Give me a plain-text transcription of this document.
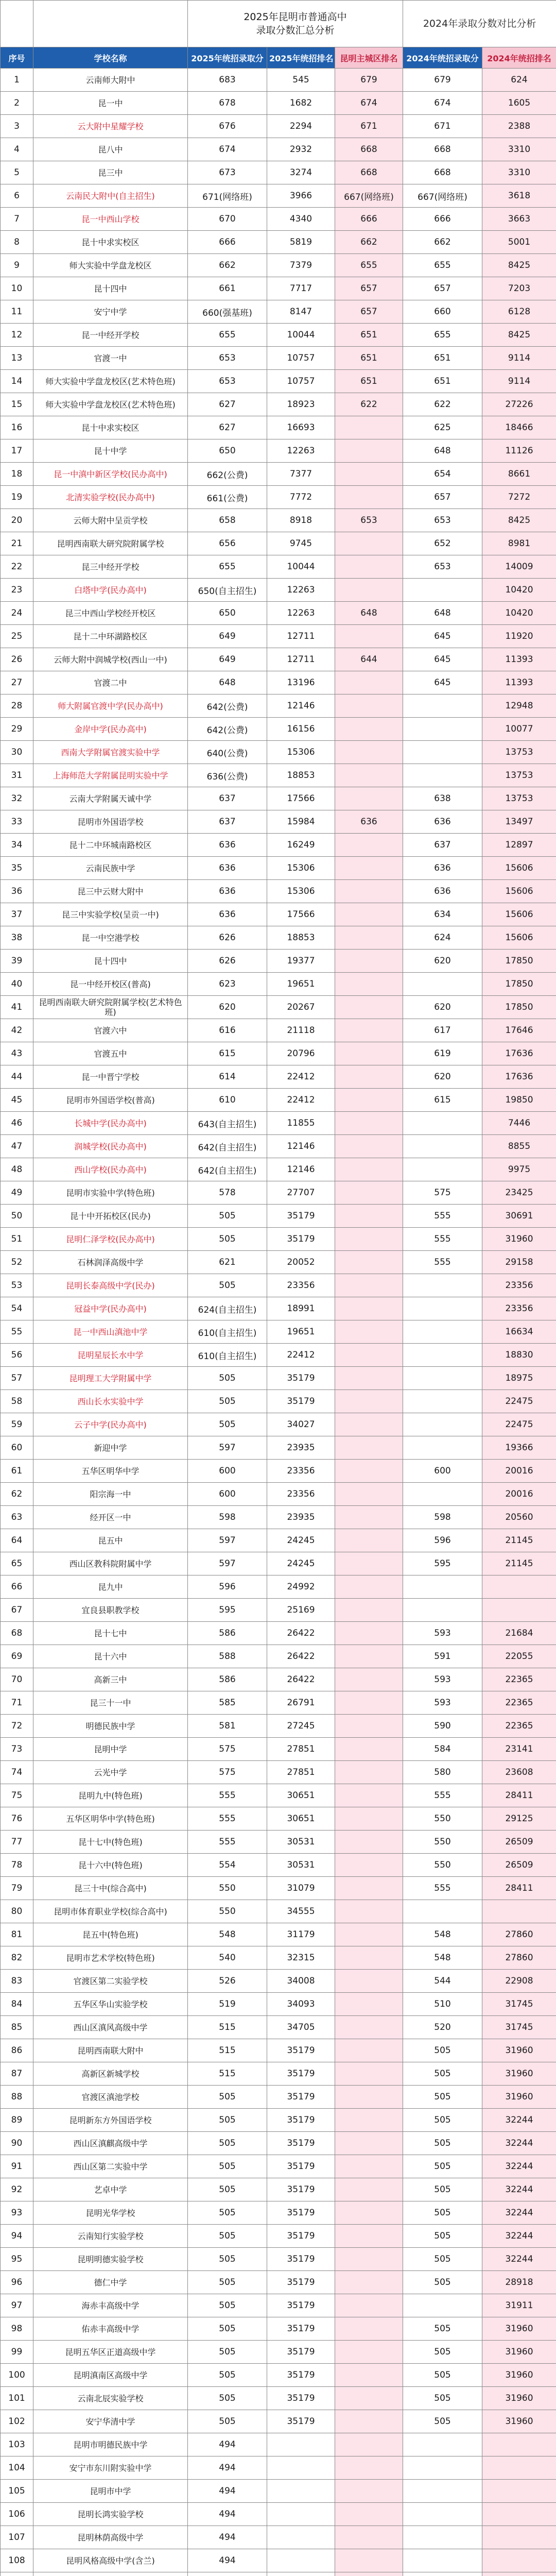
		2025年昆明市普通高中
录取分数汇总分析			2024年录取分数对比分析	
序号	学校名称	2025年统招录取分	2025年统招排名	昆明主城区排名	2024年统招录取分	2024年统招排名
1	云南师大附中	683	545	679	679	624
2	昆一中	678	1682	674	674	1605
3	云大附中星耀学校	676	2294	671	671	2388
4	昆八中	674	2932	668	668	3310
5	昆三中	673	3274	668	668	3310
6	云南民大附中(自主招生)	671(网络班)	3966	667(网络班)	667(网络班)	3618
7	昆一中西山学校	670	4340	666	666	3663
8	昆十中求实校区	666	5819	662	662	5001
9	师大实验中学盘龙校区	662	7379	655	655	8425
10	昆十四中	661	7717	657	657	7203
11	安宁中学	660(强基班)	8147	657	660	6128
12	昆一中经开学校	655	10044	651	655	8425
13	官渡一中	653	10757	651	651	9114
14	师大实验中学盘龙校区(艺术特色班)	653	10757	651	651	9114
15	师大实验中学盘龙校区(艺术特色班)	627	18923	622	622	27226
16	昆十中求实校区	627	16693		625	18466
17	昆十中学	650	12263		648	11126
18	昆一中滇中新区学校(民办高中)	662(公费)	7377		654	8661
19	北清实验学校(民办高中)	661(公费)	7772		657	7272
20	云师大附中呈贡学校	658	8918	653	653	8425
21	昆明西南联大研究院附属学校	656	9745		652	8981
22	昆三中经开学校	655	10044		653	14009
23	白塔中学(民办高中)	650(自主招生)	12263			10420
24	昆三中西山学校经开校区	650	12263	648	648	10420
25	昆十二中环湖路校区	649	12711		645	11920
26	云师大附中润城学校(西山一中)	649	12711	644	645	11393
27	官渡二中	648	13196		645	11393
28	师大附属官渡中学(民办高中)	642(公费)	12146			12948
29	金岸中学(民办高中)	642(公费)	16156			10077
30	西南大学附属官渡实验中学	640(公费)	15306			13753
31	上海师范大学附属昆明实验中学	636(公费)	18853			13753
32	云南大学附属天诚中学	637	17566		638	13753
33	昆明市外国语学校	637	15984	636	636	13497
34	昆十二中环城南路校区	636	16249		637	12897
35	云南民族中学	636	15306		636	15606
36	昆三中云财大附中	636	15306		636	15606
37	昆三中实验学校(呈贡一中)	636	17566		634	15606
38	昆一中空港学校	626	18853		624	15606
39	昆十四中	626	19377		620	17850
40	昆一中经开校区(普高)	623	19651			17850
41	昆明西南联大研究院附属学校(艺术特色班)	620	20267		620	17850
42	官渡六中	616	21118		617	17646
43	官渡五中	615	20796		619	17636
44	昆一中晋宁学校	614	22412		620	17636
45	昆明市外国语学校(普高)	610	22412		615	19850
46	长城中学(民办高中)	643(自主招生)	11855			7446
47	润城学校(民办高中)	642(自主招生)	12146			8855
48	西山学校(民办高中)	642(自主招生)	12146			9975
49	昆明市实验中学(特色班)	578	27707		575	23425
50	昆十中开拓校区(民办)	505	35179		555	30691
51	昆明仁泽学校(民办高中)	505	35179		555	31960
52	石林润泽高级中学	621	20052		555	29158
53	昆明长泰高级中学(民办)	505	23356			23356
54	冠益中学(民办高中)	624(自主招生)	18991			23356
55	昆一中西山滇池中学	610(自主招生)	19651			16634
56	昆明星辰长水中学	610(自主招生)	22412			18830
57	昆明理工大学附属中学	505	35179			18975
58	西山长水实验中学	505	35179			22475
59	云子中学(民办高中)	505	34027			22475
60	新迎中学	597	23935			19366
61	五华区明华中学	600	23356		600	20016
62	阳宗海一中	600	23356			20016
63	经开区一中	598	23935		598	20560
64	昆五中	597	24245		596	21145
65	西山区教科院附属中学	597	24245		595	21145
66	昆九中	596	24992			
67	宜良县职教学校	595	25169			
68	昆十七中	586	26422		593	21684
69	昆十六中	588	26422		591	22055
70	高新三中	586	26422		593	22365
71	昆三十一中	585	26791		593	22365
72	明德民族中学	581	27245		590	22365
73	昆明中学	575	27851		584	23141
74	云光中学	575	27851		580	23608
75	昆明九中(特色班)	555	30651		555	28411
76	五华区明华中学(特色班)	555	30651		550	29125
77	昆十七中(特色班)	555	30531		550	26509
78	昆十六中(特色班)	554	30531		550	26509
79	昆三十中(综合高中)	550	31079		555	28411
80	昆明市体育职业学校(综合高中)	550	34555			
81	昆五中(特色班)	548	31179		548	27860
82	昆明市艺术学校(特色班)	540	32315		548	27860
83	官渡区第二实验学校	526	34008		544	22908
84	五华区华山实验学校	519	34093		510	31745
85	西山区滇风高级中学	515	34705		520	31745
86	昆明西南联大附中	515	35179		505	31960
87	高新区新城学校	515	35179		505	31960
88	官渡区滇池学校	505	35179		505	31960
89	昆明新东方外国语学校	505	35179		505	32244
90	西山区滇麒高级中学	505	35179		505	32244
91	西山区第二实验中学	505	35179		505	32244
92	艺卓中学	505	35179		505	32244
93	昆明光华学校	505	35179		505	32244
94	云南知行实验学校	505	35179		505	32244
95	昆明明德实验学校	505	35179		505	32244
96	德仁中学	505	35179		505	28918
97	海赤丰高级中学	505	35179			31911
98	佑赤丰高级中学	505	35179		505	31960
99	昆明五华区正道高级中学	505	35179		505	31960
100	昆明滇南区高级中学	505	35179		505	31960
101	云南北辰实验学校	505	35179		505	31960
102	安宁华清中学	505	35179		505	31960
103	昆明市明德民族中学	494				
104	安宁市东川附实验中学	494				
105	昆明市中学	494				
106	昆明长鸿实验学校	494				
107	昆明林荫高级中学	494				
108	昆明风格高级中学(含兰)	494				
